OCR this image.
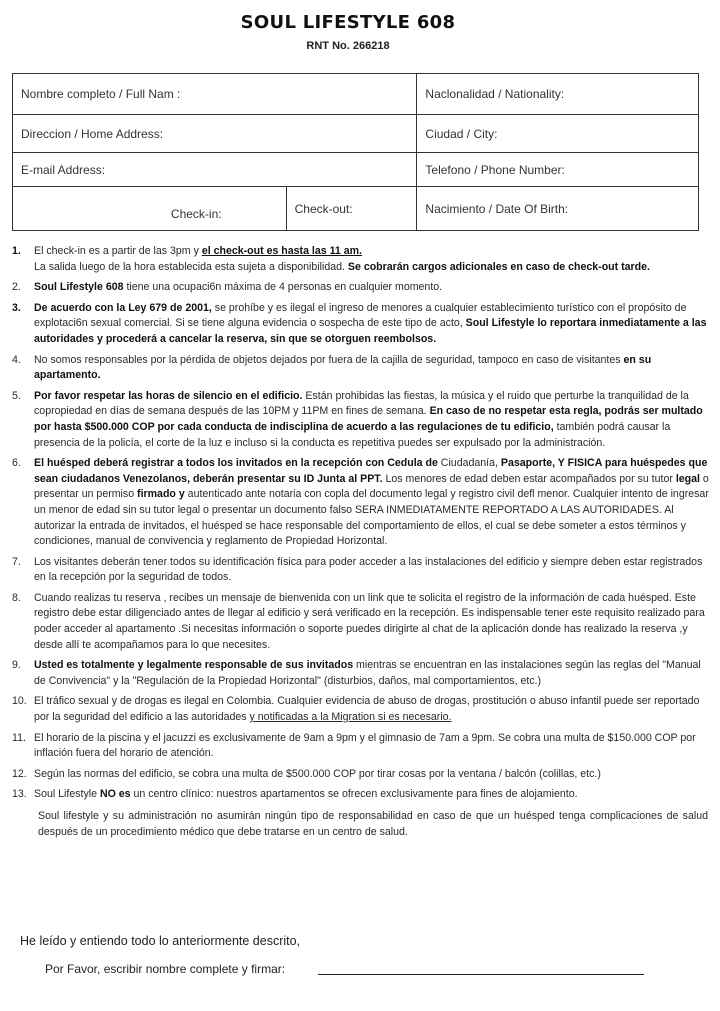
SOUL LIFESTYLE 608
RNT No. 266218
Nombre completo / Full Nam :		Naclonalidad / Nationality:
Direccion / Home Address:		Ciudad / City:
E-mail Address:		Telefono / Phone Number:
Check-in:	Check-out:	Nacimiento / Date Of Birth:
1.	El check-in es a partir de las 3pm y el check-out es hasta las 11 am.
La salida luego de la hora establecida esta sujeta a disponibilidad. Se cobrarán cargos adicionales en caso de check-out tarde.
2.	Soul Lifestyle 608 tiene una ocupaci6n máxima de 4 personas en cualquier momento.
3.	De acuerdo con la Ley 679 de 2001, se prohíbe y es ilegal el ingreso de menores a cualquier establecimiento turístico con el propósito de explotaci6n sexual comercial. Si se tiene alguna evidencia o sospecha de este tipo de acto, Soul Lifestyle lo reportara inmediatamente a las autoridades y procederá a cancelar la reserva, sin que se otorguen reembolsos.
4.	No somos responsables por la pérdida de objetos dejados por fuera de la cajilla de seguridad, tampoco en caso de visitantes en su apartamento.
5.	Por favor respetar las horas de silencio en el edificio. Están prohibidas las fiestas, la música y el ruido que perturbe la tranquilidad de la copropiedad en días de semana después de las 10PM y 11PM en fines de semana. En caso de no respetar esta regla, podrás ser multado por hasta $500.000 COP por cada conducta de indisciplina de acuerdo a las regulaciones de tu edificio, también podrá causar la presencia de la policía, el corte de la luz e incluso si la conducta es repetitiva puedes ser expulsado por la administración.
6.	El huésped deberá registrar a todos los invitados en la recepción con Cedula de Ciudadanía, Pasaporte, Y FISICA para huéspedes que sean ciudadanos Venezolanos, deberán presentar su ID Junta al PPT. Los menores de edad deben estar acompañados por su tutor legal o presentar un permiso firmado y autenticado ante notaria con copla del documento legal y registro civil defl menor. Cualquier intento de ingresar un menor de edad sin su tutor legal o presentar un documento falso SERA INMEDIATAMENTE REPORTADO A LAS AUTORIDADES. Al autorizar la entrada de invitados, el huésped se hace responsable del comportamiento de ellos, el cual se debe someter a estos términos y condiciones, manual de convivencia y reglamento de Propiedad Horizontal.
7.	Los visitantes deberán tener todos su identificación física para poder acceder a las instalaciones del edificio y siempre deben estar registrados en la recepción por la seguridad de todos.
8.	Cuando realizas tu reserva , recibes un mensaje de bienvenida con un link que te solicita el registro de la información de cada huésped. Este registro debe estar diligenciado antes de llegar al edificio y será verificado en la recepción. Es indispensable tener este requisito realizado para poder acceder al apartamento .Si necesitas información o soporte puedes dirigirte al chat de la aplicación donde has realizado la reserva ,y desde allí te acompañamos para lo que necesites.
9.	Usted es totalmente y legalmente responsable de sus invitados mientras se encuentran en las instalaciones según las reglas del "Manual de Convivencia" y la "Regulación de la Propiedad Horizontal" (disturbios, daños, mal comportamientos, etc.)
10. El tráfico sexual y de drogas es ilegal en Colombia. Cualquier evidencia de abuso de drogas, prostitución o abuso infantil puede ser reportado por la seguridad del edificio a las autoridades y notificadas a la Migration si es necesario.
11. El horario de la piscina y el jacuzzi es exclusivamente de 9am a 9pm y el gimnasio de 7am a 9pm. Se cobra una multa de $150.000 COP por inflación fuera del horario de atención.
12. Según las normas del edificio, se cobra una multa de $500.000 COP por tirar cosas por la ventana / balcón (colillas, etc.)
13. Soul Lifestyle NO es un centro clínico: nuestros apartamentos se ofrecen exclusivamente para fines de alojamiento.
Soul lifestyle y su administración no asumirán ningún tipo de responsabilidad en caso de que un huésped tenga complicaciones de salud después de un procedimiento médico que debe tratarse en un centro de salud.
He leído y entiendo todo lo anteriormente descrito,
Por Favor, escribir nombre complete y firmar:
